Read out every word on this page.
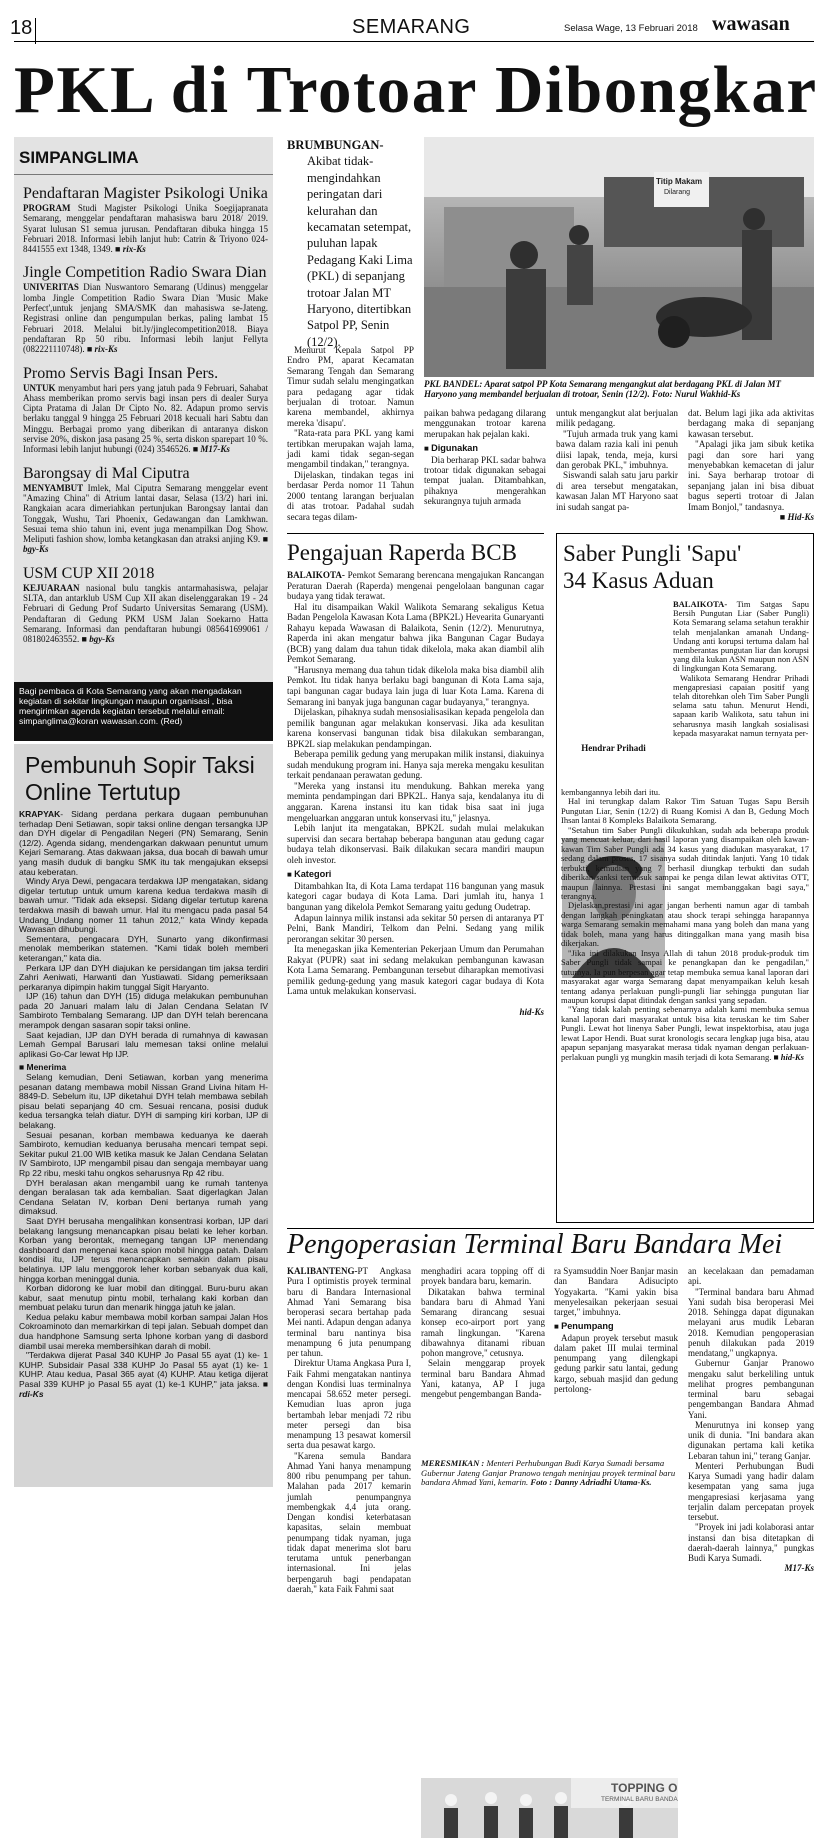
18	SEMARANG	Selasa Wage, 13 Februari 2018 wawasan
PKL di Trotoar Dibongkar
SIMPANGLIMA
Pendaftaran Magister Psikologi Unika
PROGRAM Studi Magister Psikologi Unika Soegijapranata Semarang, menggelar pendaftaran mahasiswa baru 2018/ 2019. Syarat lulusan S1 semua jurusan. Pendaftaran dibuka hingga 15 Februari 2018. Informasi lebih lanjut hub: Catrin & Triyono 024-8441555 ext 1348, 1349. ■ rix-Ks
Jingle Competition Radio Swara Dian
UNIVERITAS Dian Nuswantoro Semarang (Udinus) menggelar lomba Jingle Competition Radio Swara Dian 'Music Make Perfect',untuk jenjang SMA/SMK dan mahasiswa se-Jateng. Registrasi online dan pengumpulan berkas, paling lambat 15 Februari 2018. Melalui bit.ly/jinglecompetition2018. Biaya pendaftaran Rp 50 ribu. Informasi lebih lanjut Fellyta (082221110748). ■ rix-Ks
Promo Servis Bagi Insan Pers.
UNTUK menyambut hari pers yang jatuh pada 9 Februari, Sahabat Ahass memberikan promo servis bagi insan pers di dealer Surya Cipta Pratama di Jalan Dr Cipto No. 82. Adapun promo servis berlaku tanggal 9 hingga 25 Februari 2018 kecuali hari Sabtu dan Minggu. Berbagai promo yang diberikan di antaranya diskon servise 20%, diskon jasa pasang 25 %, serta diskon sparepart 10 %. Informasi lebih lanjut hubungi (024) 3546526. ■ M17-Ks
Barongsay di Mal Ciputra
MENYAMBUT Imlek, Mal Ciputra Semarang menggelar event "Amazing China" di Atrium lantai dasar, Selasa (13/2) hari ini. Rangkaian acara dimeriahkan pertunjukan Barongsay lantai dan Tonggak, Wushu, Tari Phoenix, Gedawangan dan Lamkhwan. Sesuai tema shio tahun ini, event juga menampilkan Dog Show. Meliputi fashion show, lomba ketangkasan dan atraksi anjing K9. ■ bgy-Ks
USM CUP XII 2018
KEJUARAAN nasional bulu tangkis antarmahasiswa, pelajar SLTA, dan antarklub USM Cup XII akan diselenggarakan 19 - 24 Februari di Gedung Prof Sudarto Universitas Semarang (USM). Pendaftaran di Gedung PKM USM Jalan Soekarno Hatta Semarang. Informasi dan pendaftaran hubungi 085641699061 / 081802463552. ■ bgy-Ks
Bagi pembaca di Kota Semarang yang akan mengadakan kegiatan di sekitar lingkungan maupun organisasi , bisa mengirimkan agenda kegiatan tersebut melalui email: simpanglima@koran wawasan.com. (Red)
Pembunuh Sopir Taksi Online Tertutup

KRAPYAK- Sidang perdana perkara dugaan pembunuhan terhadap Deni Setiawan, sopir taksi online dengan tersangka IJP dan DYH digelar di Pengadilan Negeri (PN) Semarang, Senin (12/2). Agenda sidang, mendengarkan dakwaan penuntut umum Kejari Semarang. Atas dakwaan jaksa, dua bocah di bawah umur yang masih duduk di bangku SMK itu tak mengajukan eksepsi atau keberatan.

Windy Arya Dewi, pengacara terdakwa IJP mengatakan, sidang digelar tertutup untuk umum karena kedua terdakwa masih di bawah umur. "Tidak ada eksepsi. Sidang digelar tertutup karena terdakwa masih di bawah umur. Hal itu mengacu pada pasal 54 Undang_Undang nomer 11 tahun 2012," kata Windy kepada Wawasan dihubungi.

Sementara, pengacara DYH, Sunarto yang dikonfirmasi menolak memberikan statemen. "Kami tidak boleh memberi keterangan," kata dia.

Perkara IJP dan DYH diajukan ke persidangan tim jaksa terdiri Zahri Aeniwati, Harwanti dan Yustiawati. Sidang pemeriksaan perkaranya dipimpin hakim tunggal Sigit Haryanto.

IJP (16) tahun dan DYH (15) diduga melakukan pembunuhan pada 20 Januari malam lalu di Jalan Cendana Selatan IV Sambiroto Tembalang Semarang. IJP dan DYH telah berencana merampok dengan sasaran sopir taksi online.

Saat kejadian, IJP dan DYH berada di rumahnya di kawasan Lemah Gempal Barusari lalu memesan taksi online melalui aplikasi Go-Car lewat Hp IJP.

■ Menerima

Selang kemudian, Deni Setiawan, korban yang menerima pesanan datang membawa mobil Nissan Grand Livina hitam H-8849-D. Sebelum itu, IJP diketahui DYH telah membawa sebilah pisau belati sepanjang 40 cm. Sesuai rencana, posisi duduk kedua tersangka telah diatur. DYH di samping kiri korban, IJP di belakang.

Sesuai pesanan, korban membawa keduanya ke daerah Sambiroto, kemudian keduanya berusaha mencari tempat sepi. Sekitar pukul 21.00 WIB ketika masuk ke Jalan Cendana Selatan IV Sambiroto, IJP mengambil pisau dan sengaja membayar uang Rp 22 ribu, meski tahu ongkos seharusnya Rp 42 ribu.

DYH beralasan akan mengambil uang ke rumah tantenya dengan beralasan tak ada kembalian. Saat digerlagkan Jalan Cendana Selatan IV, korban Deni bertanya rumah yang dimaksud.

Saat DYH berusaha mengalihkan konsentrasi korban, IJP dari belakang langsung menancapkan pisau belati ke leher korban. Korban yang berontak, memegang tangan IJP menendang dashboard dan mengenai kaca spion mobil hingga patah. Dalam kondisi itu, IJP terus menancapkan semakin dalam pisau belatinya. IJP lalu menggorok leher korban sebanyak dua kali, hingga korban meninggal dunia.

Korban didorong ke luar mobil dan ditinggal. Buru-buru akan kabur, saat menutup pintu mobil, terhalang kaki korban dan membuat pelaku turun dan menarik hingga jatuh ke jalan.

Kedua pelaku kabur membawa mobil korban sampai Jalan Hos Cokroaminoto dan memarkirkan di tepi jalan. Sebuah dompet dan dua handphone Samsung serta Iphone korban yang di dasbord diambil usai mereka membersihkan darah di mobil.

"Terdakwa dijerat Pasal 340 KUHP Jo Pasal 55 ayat (1) ke- 1 KUHP. Subsidair Pasal 338 KUHP Jo Pasal 55 ayat (1) ke- 1 KUHP. Atau kedua, Pasal 365 ayat (4) KUHP. Atau ketiga dijerat Pasal 339 KUHP jo Pasal 55 ayat (1) ke-1 KUHP," jata jaksa. ■ rdi-Ks

BRUMBUNGAN-

Akibat tidak-mengindahkan peringatan dari kelurahan dan kecamatan setempat, puluhan lapak Pedagang Kaki Lima (PKL) di sepanjang trotoar Jalan MT Haryono, ditertibkan Satpol PP, Senin (12/2).
Titip Makam
Dilarang
PKL BANDEL: Aparat satpol PP Kota Semarang mengangkut alat berdagang PKL di Jalan MT Haryono yang membandel berjualan di trotoar, Senin (12/2). Foto: Nurul Wakhid-Ks

Menurut Kepala Satpol PP Endro PM, aparat Kecamatan Semarang Tengah dan Semarang Timur sudah selalu mengingatkan para pedagang agar tidak berjualan di trotoar. Namun karena membandel, akhirnya mereka 'disapu'.

"Rata-rata para PKL yang kami tertibkan merupakan wajah lama, jadi kami tidak segan-segan mengambil tindakan," terangnya.

Dijelaskan, tindakan tegas ini berdasar Perda nomor 11 Tahun 2000 tentang larangan berjualan di atas trotoar. Padahal sudah secara tegas dilam-

paikan bahwa pedagang dilarang menggunakan trotoar karena merupakan hak pejalan kaki.

■ Digunakan

Dia berharap PKL sadar bahwa trotoar tidak digunakan sebagai tempat jualan. Ditambahkan, pihaknya mengerahkan sekurangnya tujuh armada

untuk mengangkut alat berjualan milik pedagang.

"Tujuh armada truk yang kami bawa dalam razia kali ini penuh diisi lapak, tenda, meja, kursi dan gerobak PKL," imbuhnya.

Siswandi salah satu jaru parkir di area tersebut mengatakan, kawasan Jalan MT Haryono saat ini sudah sangat pa-

dat. Belum lagi jika ada aktivitas berdagang maka di sepanjang kawasan tersebut.

"Apalagi jika jam sibuk ketika pagi dan sore hari yang menyebabkan kemacetan di jalur ini. Saya berharap trotoar di sepanjang jalan ini bisa dibuat bagus seperti trotoar di Jalan Imam Bonjol," tandasnya.

■ Hid-Ks
Pengajuan Raperda BCB

BALAIKOTA- Pemkot Semarang berencana mengajukan Rancangan Peraturan Daerah (Raperda) mengenai pengelolaan bangunan cagar budaya yang tidak terawat.

Hal itu disampaikan Wakil Walikota Semarang sekaligus Ketua Badan Pengelola Kawasan Kota Lama (BPK2L) Hevearita Gunaryanti Rahayu kepada Wawasan di Balaikota, Senin (12/2). Menurutnya, Raperda ini akan mengatur bahwa jika Bangunan Cagar Budaya (BCB) yang dalam dua tahun tidak dikelola, maka akan diambil alih Pemkot Semarang.

"Harusnya memang dua tahun tidak dikelola maka bisa diambil alih Pemkot. Itu tidak hanya berlaku bagi bangunan di Kota Lama saja, tapi bangunan cagar budaya lain juga di luar Kota Lama. Karena di Semarang ini banyak juga bangunan cagar budayanya," terangnya.

Dijelaskan, pihaknya sudah mensosialisasikan kepada pengelola dan pemilik bangunan agar melakukan konservasi. Jika ada kesulitan karena konservasi bangunan tidak bisa dilakukan sembarangan, BPK2L siap melakukan pendampingan.

Beberapa pemilik gedung yang merupakan milik instansi, diakuinya sudah mendukung program ini. Hanya saja mereka mengaku kesulitan terkait pendanaan perawatan gedung.

"Mereka yang instansi itu mendukung. Bahkan mereka yang meminta pendampingan dari BPK2L. Hanya saja, kendalanya itu di anggaran. Karena instansi itu kan tidak bisa saat ini juga mengeluarkan anggaran untuk konservasi itu," jelasnya.

Lebih lanjut ita mengatakan, BPK2L sudah mulai melakukan supervisi dan secara bertahap beberapa bangunan atau gedung cagar budaya telah dikonservasi. Baik dilakukan secara mandiri maupun oleh investor.

■ Kategori

Ditambahkan Ita, di Kota Lama terdapat 116 bangunan yang masuk kategori cagar budaya di Kota Lama. Dari jumlah itu, hanya 1 bangunan yang dikelola Pemkot Semarang yaitu gedung Oudetrap.

Adapun lainnya milik instansi ada sekitar 50 persen di antaranya PT Pelni, Bank Mandiri, Telkom dan Pelni. Sedang yang milik perorangan sekitar 30 persen.

Ita menegaskan jika Kementerian Pekerjaan Umum dan Perumahan Rakyat (PUPR) saat ini sedang melakukan pembangunan kawasan Kota Lama Semarang. Pembangunan tersebut diharapkan memotivasi pemilik gedung-gedung yang masuk kategori cagar budaya di Kota Lama untuk melakukan konservasi.

hid-Ks
Saber Pungli 'Sapu' 34 Kasus Aduan
Hendrar Prihadi

BALAIKOTA- Tim Satgas Sapu Bersih Pungutan Liar (Saber Pungli) Kota Semarang selama setahun terakhir telah menjalankan amanah Undang-Undang anti korupsi tertuma dalam hal memberantas pungutan liar dan korupsi yang dila kukan ASN maupun non ASN di lingkungan Kota Semarang.

Walikota Semarang Hendrar Prihadi mengapresiasi capaian positif yang telah ditorehkan oleh Tim Saber Pungli selama satu tahun. Menurut Hendi, sapaan karib Walikota, satu tahun ini seharusnya masih langkah sosialisasi kepada masyarakat namun ternyata per-

kembangannya lebih dari itu.

Hal ini terungkap dalam Rakor Tim Satuan Tugas Sapu Bersih Pungutan Liar, Senin (12/2) di Ruang Komisi A dan B, Gedung Moch Ihsan lantai 8 Kompleks Balaikota Semarang.

"Setahun tim Saber Pungli dikukuhkan, sudah ada beberapa produk yang mencuat keluar, dari hasil laporan yang disampaikan oleh kawan-kawan Tim Saber Pungli ada 34 kasus yang diadukan masyarakat, 17 sedang dalam proses, 17 sisanya sudah ditindak lanjuti. Yang 10 tidak terbukti, kemudian yang 7 berhasil diungkap terbukti dan sudah diberikan sanksi termasuk sampai ke penga dilan lewat aktivitas OTT, maupun lainnya. Prestasi ini sangat membanggakan bagi saya," terangnya.

Djelaskan,prestasi ini agar jangan berhenti namun agar di tambah dengan langkah peningkatan atau shock terapi sehingga harapannya warga Semarang semakin memahami mana yang boleh dan mana yang tidak boleh, mana yang harus ditinggalkan mana yang masih bisa dikerjakan.

"Jika ini dilakukan Insya Allah di tahun 2018 produk-produk tim Saber Pungli tidak sampai ke penangkapan dan ke pengadilan," tuturnya. Ia pun berpesan agar tetap membuka semua kanal laporan dari masyarakat agar warga Semarang dapat menyampaikan keluh kesah tentang adanya perlakuan pungli-pungli liar sehingga pungutan liar maupun korupsi dapat ditindak dengan sanksi yang sepadan.

"Yang tidak kalah penting sebenarnya adalah kami membuka semua kanal laporan dari masyarakat untuk bisa kita teruskan ke tim Saber Pungli. Lewat hot linenya Saber Pungli, lewat inspektorbisa, atau juga lewat Lapor Hendi. Buat surat kronologis secara lengkap juga bisa, atau apapun sepanjang masyarakat merasa tidak nyaman dengan perlakuan-perlakuan pungli yg mungkin masih terjadi di kota Semarang. ■ hid-Ks

Pengoperasian Terminal Baru Bandara Mei

KALIBANTENG-PT Angkasa Pura I optimistis proyek terminal baru di Bandara Internasional Ahmad Yani Semarang bisa beroperasi secara bertahap pada Mei nanti. Adapun dengan adanya terminal baru nantinya bisa menampung 6 juta penumpang per tahun.

Direktur Utama Angkasa Pura I, Faik Fahmi mengatakan nantinya dengan Kondisi luas terminalnya mencapai 58.652 meter persegi. Kemudian luas apron juga bertambah lebar menjadi 72 ribu meter persegi dan bisa menampung 13 pesawat komersil serta dua pesawat kargo.

"Karena semula Bandara Ahmad Yani hanya menampung 800 ribu penumpang per tahun. Malahan pada 2017 kemarin jumlah penumpangnya membengkak 4,4 juta orang. Dengan kondisi keterbatasan kapasitas, selain membuat penumpang tidak nyaman, juga tidak dapat menerima slot baru terutama untuk penerbangan internasional. Ini jelas berpengaruh bagi pendapatan daerah," kata Faik Fahmi saat

menghadiri acara topping off di proyek bandara baru, kemarin.

Dikatakan bahwa terminal bandara baru di Ahmad Yani Semarang dirancang sesuai konsep eco-airport port yang ramah lingkungan. "Karena dibawahnya ditanami ribuan pohon mangrove," cetusnya.

Selain menggarap proyek terminal baru Bandara Ahmad Yani, katanya, AP I juga mengebut pengembangan Banda-

ra Syamsuddin Noer Banjar masin dan Bandara Adisucipto Yogyakarta. "Kami yakin bisa menyelesaikan pekerjaan sesuai target," imbuhnya.

■ Penumpang

Adapun proyek tersebut masuk dalam paket III mulai terminal penumpang yang dilengkapi gedung parkir satu lantai, gedung kargo, sebuah masjid dan gedung pertolong-

an kecelakaan dan pemadaman api.

"Terminal bandara baru Ahmad Yani sudah bisa beroperasi Mei 2018. Sehingga dapat digunakan melayani arus mudik Lebaran 2018. Kemudian pengoperasian penuh dilakukan pada 2019 mendatang," ungkapnya.

Gubernur Ganjar Pranowo mengaku salut berkeliling untuk melihat progres pembangunan terminal baru sebagai pengembangan Bandara Ahmad Yani.

Menurutnya ini konsep yang unik di dunia. "Ini bandara akan digunakan pertama kali ketika Lebaran tahun ini," terang Ganjar.

Menteri Perhubungan Budi Karya Sumadi yang hadir dalam kesempatan yang sama juga mengapresiasi kerjasama yang terjalin dalam percepatan proyek tersebut.

"Proyek ini jadi kolaborasi antar instansi dan bisa ditetapkan di daerah-daerah lainnya," pungkas Budi Karya Sumadi.

M17-Ks
TOPPING O
TERMINAL BARU BANDA
MERESMIKAN : Menteri Perhubungan Budi Karya Sumadi bersama Gubernur Jateng Ganjar Pranowo tengah meninjau proyek terminal baru bandara Ahmad Yani, kemarin. Foto : Danny Adriadhi Utama-Ks.
